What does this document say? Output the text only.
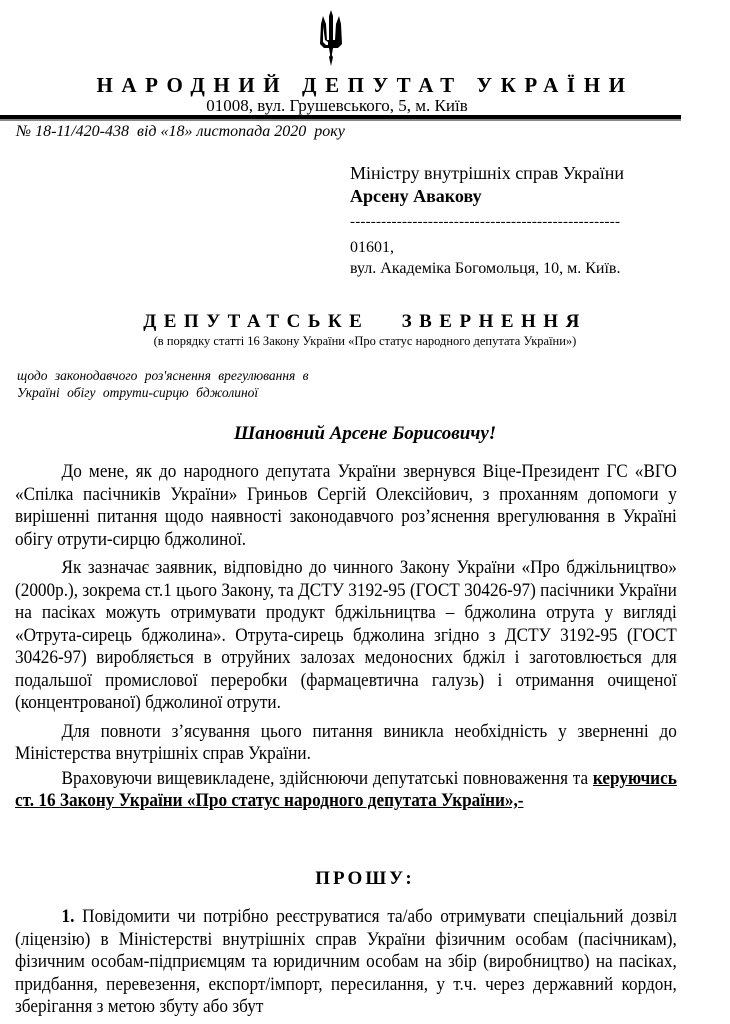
НАРОДНИЙ ДЕПУТАТ УКРАЇНИ
01008, вул. Грушевського, 5, м. Київ
№ 18-11/420-438  від «18» листопада 2020  року
Міністру внутрішніх справ України
Арсену Авакову
----------------------------------------------------
01601,
вул. Академіка Богомольця, 10, м. Київ.
ДЕПУТАТСЬКЕ ЗВЕРНЕННЯ
(в порядку статті 16 Закону України «Про статус народного депутата України»)
щодо законодавчого роз'яснення врегулювання в
Україні обігу отрути-сирцю бджолиної
Шановний Арсене Борисовичу!

До мене, як до народного депутата України звернувся Віце-Президент ГС «ВГО «Спілка пасічників України» Гриньов Сергій Олексійович, з проханням допомоги у вирішенні питання щодо наявності законодавчого роз’яснення врегулювання в Україні обігу отрути-сирцю бджолиної.

Як зазначає заявник, відповідно до чинного Закону України «Про бджільництво» (2000р.), зокрема ст.1 цього Закону, та ДСТУ 3192-95 (ГОСТ 30426-97) пасічники України на пасіках можуть отримувати продукт бджільництва – бджолина отрута у вигляді «Отрута-сирець бджолина». Отрута-сирець бджолина згідно з ДСТУ 3192-95 (ГОСТ 30426-97) виробляється в отруйних залозах медоносних бджіл і заготовлюється для подальшої промислової переробки (фармацевтична галузь) і отримання очищеної (концентрованої) бджолиної отрути.

Для повноти з’ясування цього питання виникла необхідність у зверненні до Міністерства внутрішніх справ України.

Враховуючи вищевикладене, здійснюючи депутатські повноваження та керуючись ст. 16 Закону України «Про статус народного депутата України»,-

ПРОШУ:

1. Повідомити чи потрібно реєструватися та/або отримувати спеціальний дозвіл (ліцензію) в Міністерстві внутрішніх справ України фізичним особам (пасічникам), фізичним особам-підприємцям та юридичним особам на збір (виробництво) на пасіках, придбання, перевезення, експорт/імпорт, пересилання, у т.ч. через державний кордон, зберігання з метою збуту або збут
